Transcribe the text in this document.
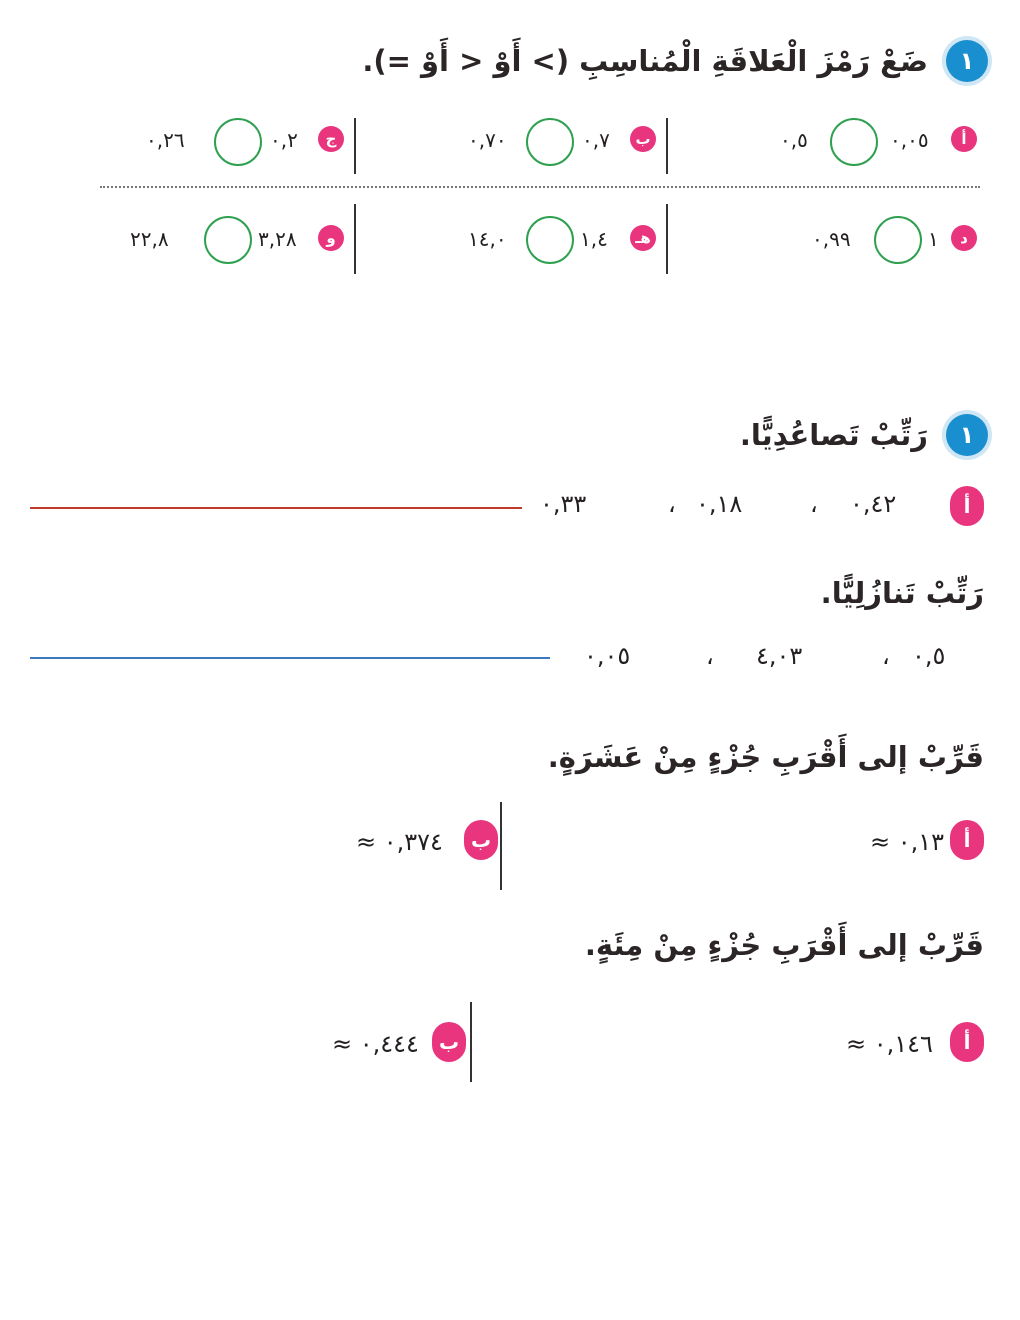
١
ضَعْ رَمْزَ الْعَلاقَةِ الْمُناسِبِ (> أَوْ < أَوْ =).
أ
٠,٠٥
٠,٥
ب
٠,٧
٠,٧٠
ج
٠,٢
٠,٢٦
د
١
٠,٩٩
هـ
١,٤
١٤,٠
و
٣,٢٨
٢٢,٨
١
رَتِّبْ تَصاعُدِيًّا.
أ
٠,٤٢
،
٠,١٨
،
٠,٣٣
رَتِّبْ تَنازُلِيًّا.
٠,٥
،
٤,٠٣
،
٠,٠٥
قَرِّبْ إلى أَقْرَبِ جُزْءٍ مِنْ عَشَرَةٍ.
أ
٠,١٣ ≈
ب
٠,٣٧٤ ≈
قَرِّبْ إلى أَقْرَبِ جُزْءٍ مِنْ مِئَةٍ.
أ
٠,١٤٦ ≈
ب
٠,٤٤٤ ≈
